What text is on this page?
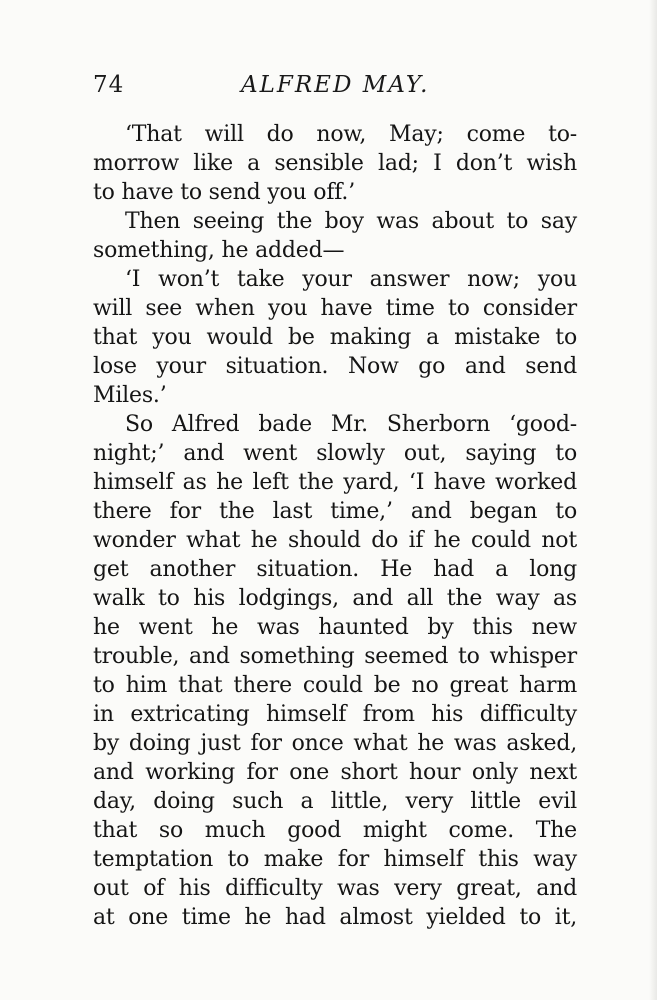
74	ALFRED MAY.
‘That will do now, May; come to-
morrow like a sensible lad; I don’t wish
to have to send you off.’
Then seeing the boy was about to say
something, he added—
‘I won’t take your answer now; you
will see when you have time to consider
that you would be making a mistake to
lose your situation. Now go and send
Miles.’
So Alfred bade Mr. Sherborn ‘good-
night;’ and went slowly out, saying to
himself as he left the yard, ‘I have worked
there for the last time,’ and began to
wonder what he should do if he could not
get another situation. He had a long
walk to his lodgings, and all the way as
he went he was haunted by this new
trouble, and something seemed to whisper
to him that there could be no great harm
in extricating himself from his difficulty
by doing just for once what he was asked,
and working for one short hour only next
day, doing such a little, very little evil
that so much good might come. The
temptation to make for himself this way
out of his difficulty was very great, and
at one time he had almost yielded to it,
